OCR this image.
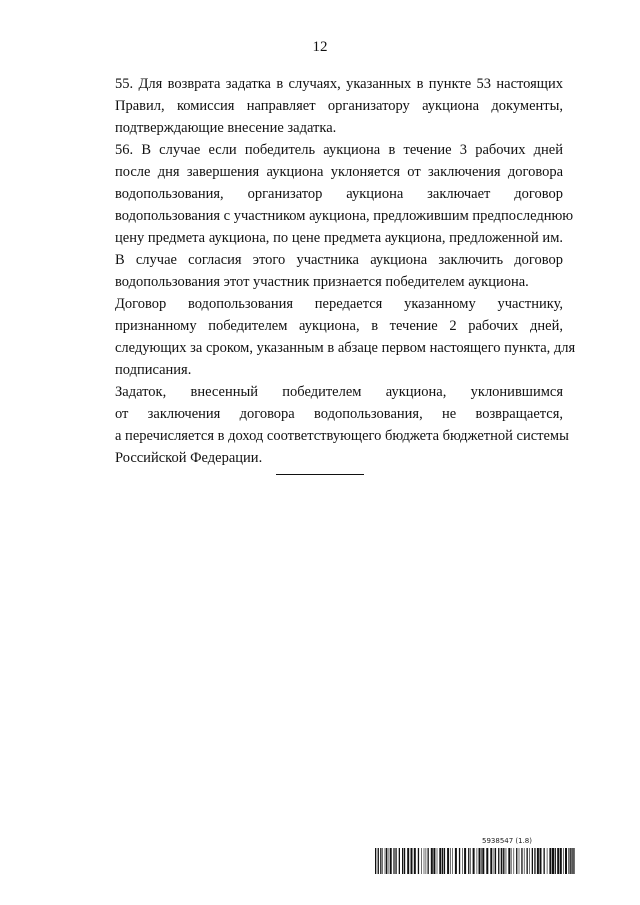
12
55. Для возврата задатка в случаях, указанных в пункте 53 настоящих
Правил, комиссия направляет организатору аукциона документы,
подтверждающие внесение задатка.
56. В случае если победитель аукциона в течение 3 рабочих дней
после дня завершения аукциона уклоняется от заключения договора
водопользования, организатор аукциона заключает договор
водопользования с участником аукциона, предложившим предпоследнюю
цену предмета аукциона, по цене предмета аукциона, предложенной им.
В случае согласия этого участника аукциона заключить договор
водопользования этот участник признается победителем аукциона.
Договор водопользования передается указанному участнику,
признанному победителем аукциона, в течение 2 рабочих дней,
следующих за сроком, указанным в абзаце первом настоящего пункта, для
подписания.
Задаток, внесенный победителем аукциона, уклонившимся
от заключения договора водопользования, не возвращается,
а перечисляется в доход соответствующего бюджета бюджетной системы
Российской Федерации.
5938547 (1.8)
